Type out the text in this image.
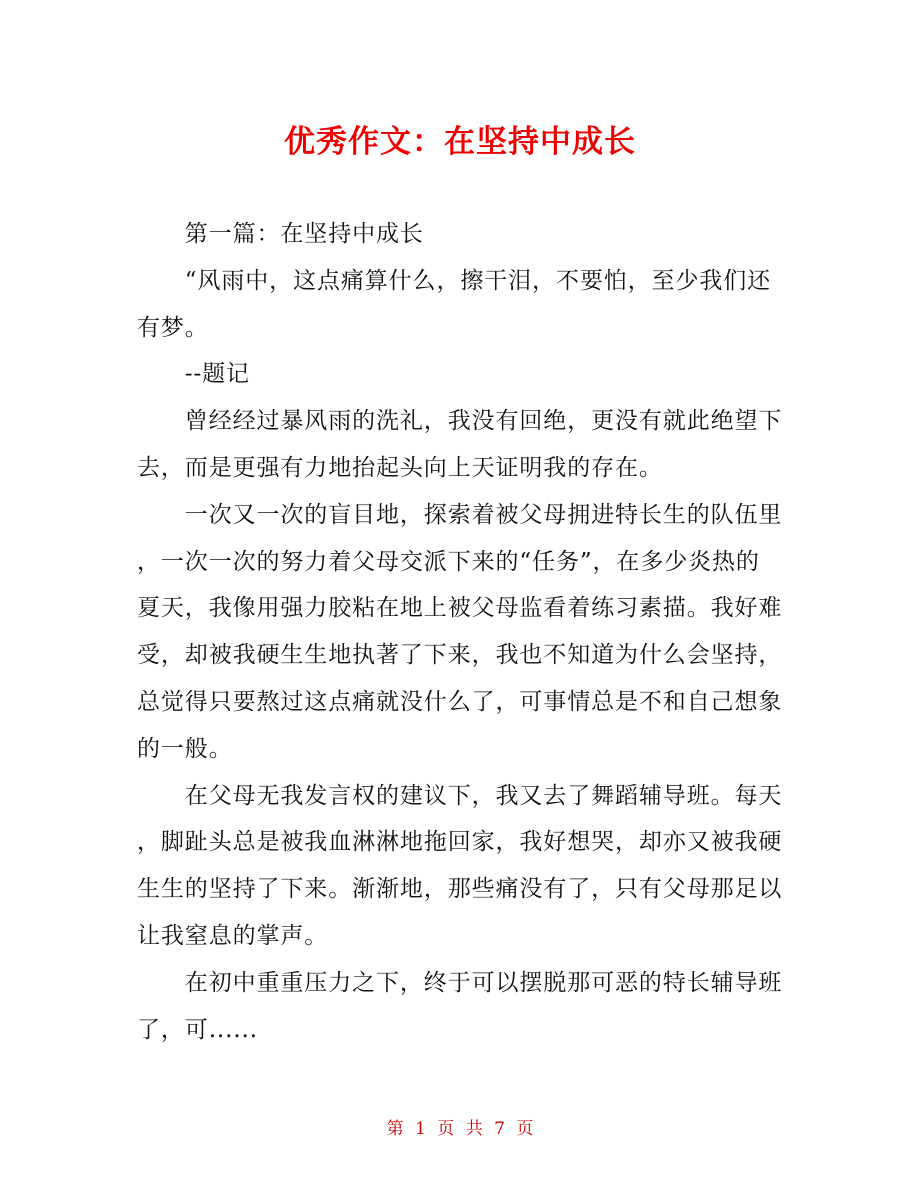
优秀作文：在坚持中成长
　　第一篇：在坚持中成长
　　“风雨中，这点痛算什么，擦干泪，不要怕，至少我们还
有梦。
　　--题记
　　曾经经过暴风雨的洗礼，我没有回绝，更没有就此绝望下
去，而是更强有力地抬起头向上天证明我的存在。
　　一次又一次的盲目地，探索着被父母拥进特长生的队伍里
，一次一次的努力着父母交派下来的“任务”，在多少炎热的
夏天，我像用强力胶粘在地上被父母监看着练习素描。我好难
受，却被我硬生生地执著了下来，我也不知道为什么会坚持，
总觉得只要熬过这点痛就没什么了，可事情总是不和自己想象
的一般。
　　在父母无我发言权的建议下，我又去了舞蹈辅导班。每天
，脚趾头总是被我血淋淋地拖回家，我好想哭，却亦又被我硬
生生的坚持了下来。渐渐地，那些痛没有了，只有父母那足以
让我窒息的掌声。
　　在初中重重压力之下，终于可以摆脱那可恶的特长辅导班
了，可......
第 1 页 共 7 页
